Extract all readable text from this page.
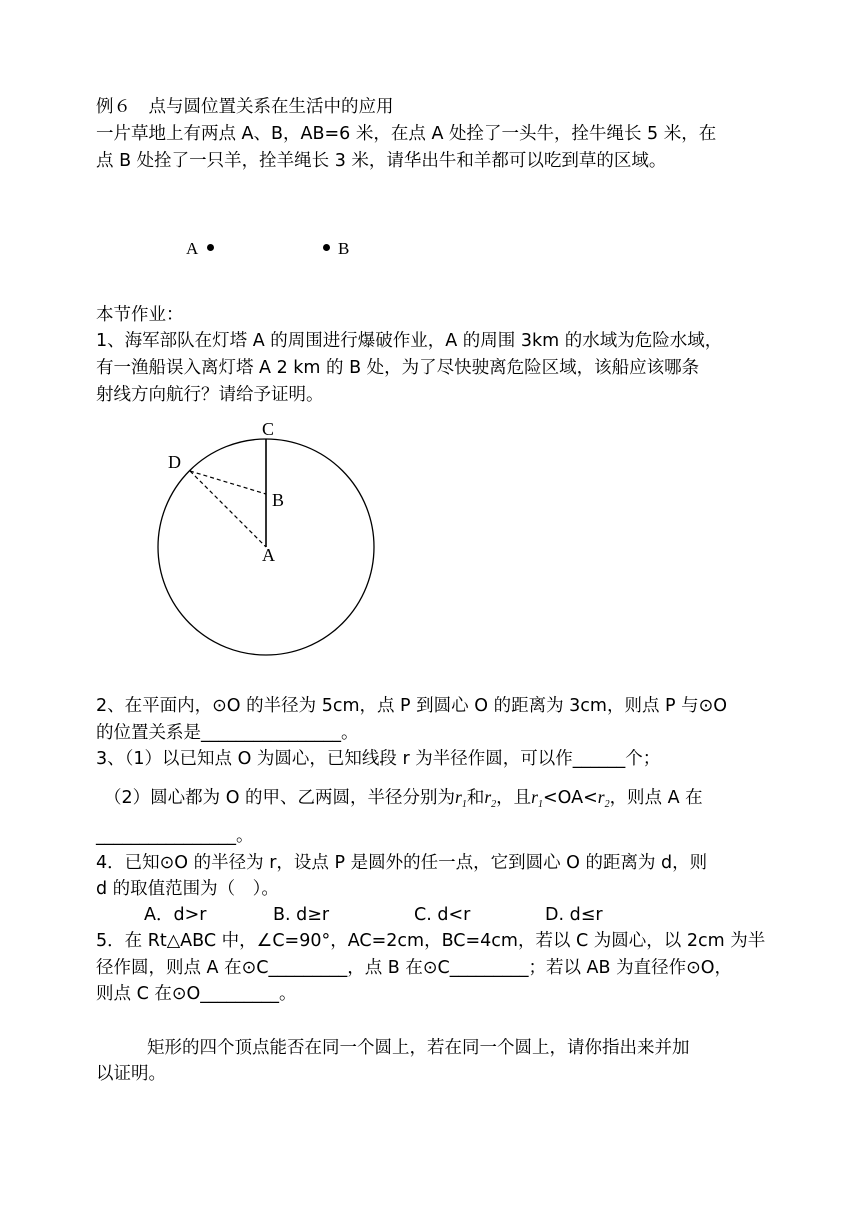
例６　点与圆位置关系在生活中的应用
一片草地上有两点 A、B，AB=6 米，在点 A 处拴了一头牛，拴牛绳长 5 米，在
点 B 处拴了一只羊，拴羊绳长 3 米，请华出牛和羊都可以吃到草的区域。
A	B
本节作业：
1、海军部队在灯塔 A 的周围进行爆破作业，A 的周围 3km 的水域为危险水域，
有一渔船误入离灯塔 A 2 km 的 B 处，为了尽快驶离危险区域，该船应该哪条
射线方向航行？请给予证明。
C
D
B
A
2、在平面内，⊙O 的半径为 5cm，点 P 到圆心 O 的距离为 3cm，则点 P 与⊙O
的位置关系是________________。
3、（1）以已知点 O 为圆心，已知线段 r 为半径作圆，可以作______个；
（2）圆心都为 O 的甲、乙两圆，半径分别为$r_1$和$r_2$，且$r_1<OA<r_2$，则点 A 在
________________。
4．已知⊙O 的半径为 r，设点 P 是圆外的任一点，它到圆心 O 的距离为 d，则
d 的取值范围为（　）。
A．d>r	B. d≥r	C. d<r	D. d≤r
5．在 Rt△ABC 中，∠C=90°，AC=2cm，BC=4cm，若以 C 为圆心，以 2cm 为半
径作圆，则点 A 在⊙C_________，点 B 在⊙C_________；若以 AB 为直径作⊙O，
则点 C 在⊙O_________。
矩形的四个顶点能否在同一个圆上，若在同一个圆上，请你指出来并加
以证明。
